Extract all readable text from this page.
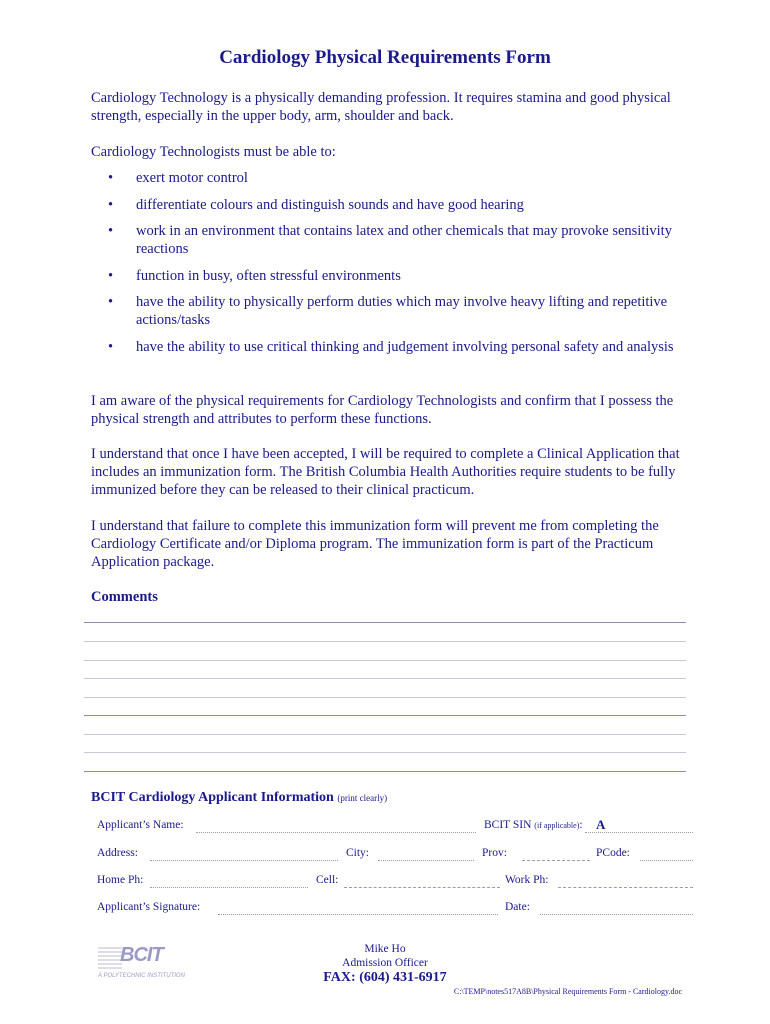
Cardiology Physical Requirements Form
Cardiology Technology is a physically demanding profession. It requires stamina and good physical strength, especially in the upper body, arm, shoulder and back.
Cardiology Technologists must be able to:
•	exert motor control
•	differentiate colours and distinguish sounds and have good hearing
•	work in an environment that contains latex and other chemicals that may provoke sensitivity reactions
•	function in busy, often stressful environments
•	have the ability to physically perform duties which may involve heavy lifting and repetitive actions/tasks
•	have the ability to use critical thinking and judgement involving personal safety and analysis
I am aware of the physical requirements for Cardiology Technologists and confirm that I possess the physical strength and attributes to perform these functions.
I understand that once I have been accepted, I will be required to complete a Clinical Application that includes an immunization form. The British Columbia Health Authorities require students to be fully immunized before they can be released to their clinical practicum.
I understand that failure to complete this immunization form will prevent me from completing the Cardiology Certificate and/or Diploma program. The immunization form is part of the Practicum Application package.
Comments
BCIT Cardiology Applicant Information (print clearly)
Applicant’s Name:	BCIT SIN (if applicable): A
Address:	City:	Prov:	PCode:
Home Ph:	Cell:	Work Ph:
Applicant’s Signature:	Date:
BCIT
A POLYTECHNIC INSTITUTION
Mike Ho
Admission Officer
FAX: (604) 431-6917
C:\TEMP\notes517A8B\Physical Requirements Form - Cardiology.doc
